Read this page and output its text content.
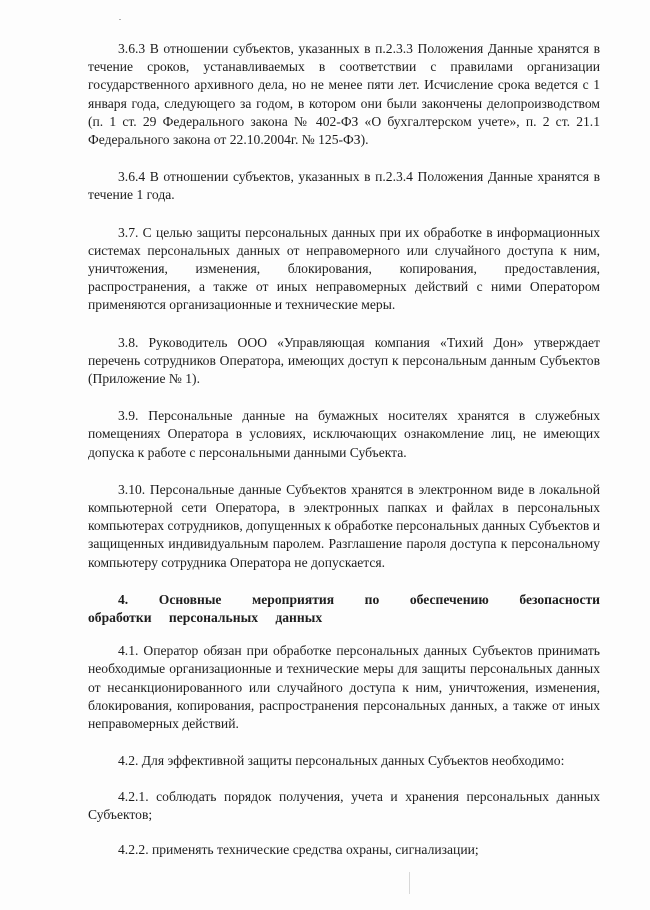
3.6.3 В отношении субъектов, указанных в п.2.3.3 Положения Данные хранятся в течение сроков, устанавливаемых в соответствии с правилами организации государственного архивного дела, но не менее пяти лет. Исчисление срока ведется с 1 января года, следующего за годом, в котором они были закончены делопроизводством (п. 1 ст. 29 Федерального закона № 402-ФЗ «О бухгалтерском учете», п. 2 ст. 21.1 Федерального закона от 22.10.2004г. № 125-ФЗ).

3.6.4 В отношении субъектов, указанных в п.2.3.4 Положения Данные хранятся в течение 1 года.

3.7. С целью защиты персональных данных при их обработке в информационных системах персональных данных от неправомерного или случайного доступа к ним, уничтожения, изменения, блокирования, копирования, предоставления, распространения, а также от иных неправомерных действий с ними Оператором применяются организационные и технические меры.

3.8. Руководитель ООО «Управляющая компания «Тихий Дон» утверждает перечень сотрудников Оператора, имеющих доступ к персональным данным Субъектов (Приложение № 1).

3.9. Персональные данные на бумажных носителях хранятся в служебных помещениях Оператора в условиях, исключающих ознакомление лиц, не имеющих допуска к работе с персональными данными Субъекта.

3.10. Персональные данные Субъектов хранятся в электронном виде в локальной компьютерной сети Оператора, в электронных папках и файлах в персональных компьютерах сотрудников, допущенных к обработке персональных данных Субъектов и защищенных индивидуальным паролем. Разглашение пароля доступа к персональному компьютеру сотрудника Оператора не допускается.

4. Основные мероприятия по обеспечению безопасности обработки персональных данных

4.1. Оператор обязан при обработке персональных данных Субъектов принимать необходимые организационные и технические меры для защиты персональных данных от несанкционированного или случайного доступа к ним, уничтожения, изменения, блокирования, копирования, распространения персональных данных, а также от иных неправомерных действий.

4.2. Для эффективной защиты персональных данных Субъектов необходимо:

4.2.1. соблюдать порядок получения, учета и хранения персональных данных Субъектов;

4.2.2. применять технические средства охраны, сигнализации;
